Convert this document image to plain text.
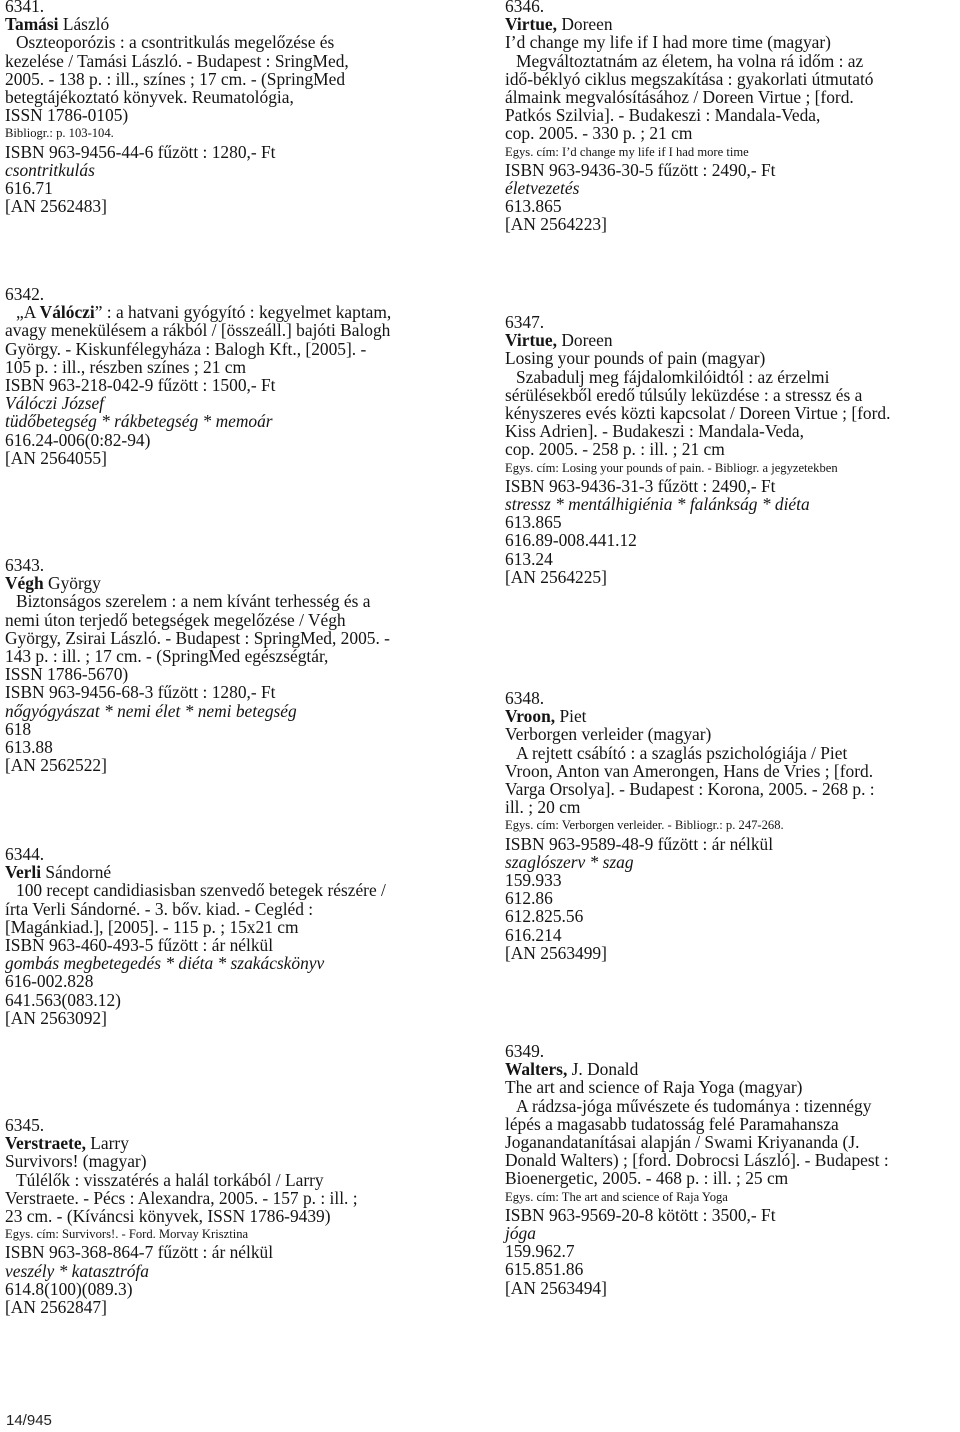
6341.
Tamási László
Oszteoporózis : a csontritkulás megelőzése és
kezelése / Tamási László. - Budapest : SringMed,
2005. - 138 p. : ill., színes ; 17 cm. - (SpringMed
betegtájékoztató könyvek. Reumatológia,
ISSN 1786-0105)
Bibliogr.: p. 103-104.
ISBN 963-9456-44-6 fűzött : 1280,- Ft
csontritkulás
616.71
[AN 2562483]
6342.
„A Válóczi” : a hatvani gyógyító : kegyelmet kaptam,
avagy menekülésem a rákból / [összeáll.] bajóti Balogh
György. - Kiskunfélegyháza : Balogh Kft., [2005]. -
105 p. : ill., részben színes ; 21 cm
ISBN 963-218-042-9 fűzött : 1500,- Ft
Válóczi József
tüdőbetegség * rákbetegség * memoár
616.24-006(0:82-94)
[AN 2564055]
6343.
Végh György
Biztonságos szerelem : a nem kívánt terhesség és a
nemi úton terjedő betegségek megelőzése / Végh
György, Zsirai László. - Budapest : SpringMed, 2005. -
143 p. : ill. ; 17 cm. - (SpringMed egészségtár,
ISSN 1786-5670)
ISBN 963-9456-68-3 fűzött : 1280,- Ft
nőgyógyászat * nemi élet * nemi betegség
618
613.88
[AN 2562522]
6344.
Verli Sándorné
100 recept candidiasisban szenvedő betegek részére /
írta Verli Sándorné. - 3. bőv. kiad. - Cegléd :
[Magánkiad.], [2005]. - 115 p. ; 15x21 cm
ISBN 963-460-493-5 fűzött : ár nélkül
gombás megbetegedés * diéta * szakácskönyv
616-002.828
641.563(083.12)
[AN 2563092]
6345.
Verstraete, Larry
Survivors! (magyar)
Túlélők : visszatérés a halál torkából / Larry
Verstraete. - Pécs : Alexandra, 2005. - 157 p. : ill. ;
23 cm. - (Kíváncsi könyvek, ISSN 1786-9439)
Egys. cím: Survivors!. - Ford. Morvay Krisztina
ISBN 963-368-864-7 fűzött : ár nélkül
veszély * katasztrófa
614.8(100)(089.3)
[AN 2562847]
6346.
Virtue, Doreen
I’d change my life if I had more time (magyar)
Megváltoztatnám az életem, ha volna rá időm : az
idő-béklyó ciklus megszakítása : gyakorlati útmutató
álmaink megvalósításához / Doreen Virtue ; [ford.
Patkós Szilvia]. - Budakeszi : Mandala-Veda,
cop. 2005. - 330 p. ; 21 cm
Egys. cím: I’d change my life if I had more time
ISBN 963-9436-30-5 fűzött : 2490,- Ft
életvezetés
613.865
[AN 2564223]
6347.
Virtue, Doreen
Losing your pounds of pain (magyar)
Szabadulj meg fájdalomkilóidtól : az érzelmi
sérülésekből eredő túlsúly leküzdése : a stressz és a
kényszeres evés közti kapcsolat / Doreen Virtue ; [ford.
Kiss Adrien]. - Budakeszi : Mandala-Veda,
cop. 2005. - 258 p. : ill. ; 21 cm
Egys. cím: Losing your pounds of pain. - Bibliogr. a jegyzetekben
ISBN 963-9436-31-3 fűzött : 2490,- Ft
stressz * mentálhigiénia * falánkság * diéta
613.865
616.89-008.441.12
613.24
[AN 2564225]
6348.
Vroon, Piet
Verborgen verleider (magyar)
A rejtett csábító : a szaglás pszichológiája / Piet
Vroon, Anton van Amerongen, Hans de Vries ; [ford.
Varga Orsolya]. - Budapest : Korona, 2005. - 268 p. :
ill. ; 20 cm
Egys. cím: Verborgen verleider. - Bibliogr.: p. 247-268.
ISBN 963-9589-48-9 fűzött : ár nélkül
szaglószerv * szag
159.933
612.86
612.825.56
616.214
[AN 2563499]
6349.
Walters, J. Donald
The art and science of Raja Yoga (magyar)
A rádzsa-jóga művészete és tudománya : tizennégy
lépés a magasabb tudatosság felé Paramahansza
Joganandatanításai alapján / Swami Kriyananda (J.
Donald Walters) ; [ford. Dobrocsi László]. - Budapest :
Bioenergetic, 2005. - 468 p. : ill. ; 25 cm
Egys. cím: The art and science of Raja Yoga
ISBN 963-9569-20-8 kötött : 3500,- Ft
jóga
159.962.7
615.851.86
[AN 2563494]
14/945
